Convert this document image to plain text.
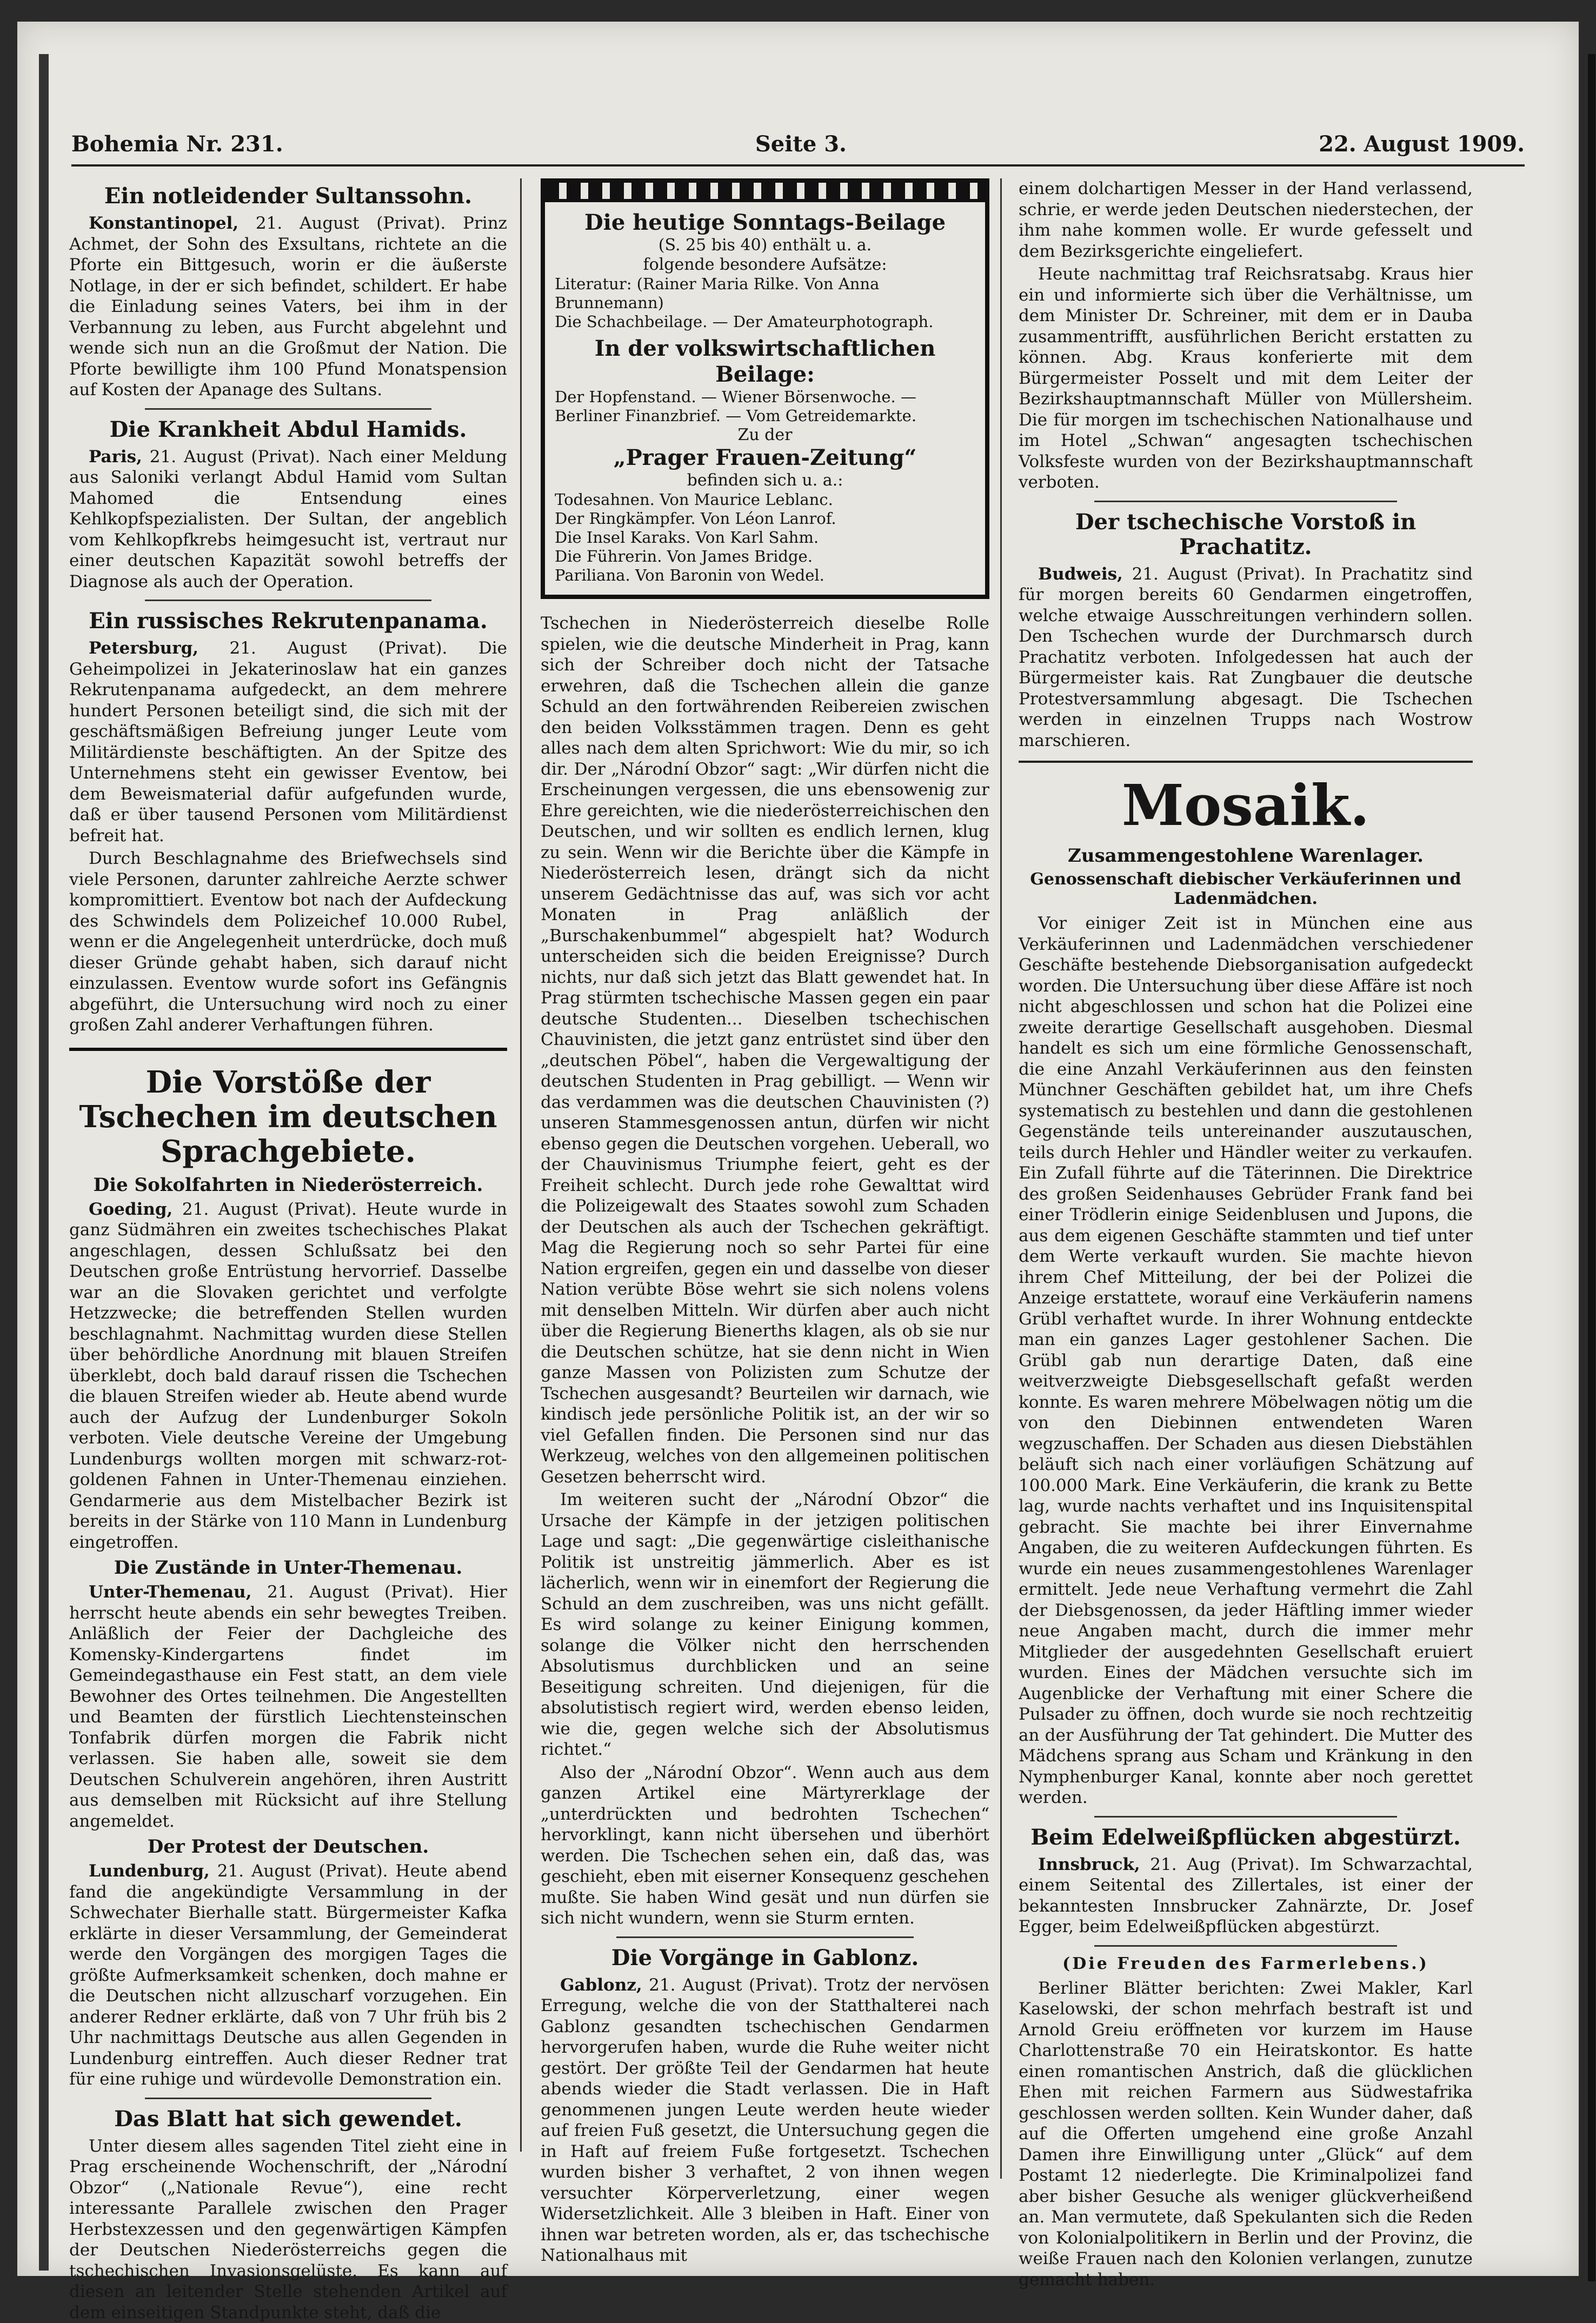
Bohemia Nr. 231.	Seite 3.	22. August 1909.
Ein notleidender Sultanssohn.

Konstantinopel, 21. August (Privat). Prinz Achmet, der Sohn des Exsultans, richtete an die Pforte ein Bittgesuch, worin er die äußerste Notlage, in der er sich befindet, schildert. Er habe die Einladung seines Vaters, bei ihm in der Verbannung zu leben, aus Furcht abgelehnt und wende sich nun an die Großmut der Nation. Die Pforte bewilligte ihm 100 Pfund Monatspension auf Kosten der Apanage des Sultans.

Die Krankheit Abdul Hamids.

Paris, 21. August (Privat). Nach einer Meldung aus Saloniki verlangt Abdul Hamid vom Sultan Mahomed die Entsendung eines Kehlkopfspezialisten. Der Sultan, der angeblich vom Kehlkopfkrebs heimgesucht ist, vertraut nur einer deutschen Kapazität sowohl betreffs der Diagnose als auch der Operation.

Ein russisches Rekrutenpanama.

Petersburg, 21. August (Privat). Die Geheimpolizei in Jekaterinoslaw hat ein ganzes Rekrutenpanama aufgedeckt, an dem mehrere hundert Personen beteiligt sind, die sich mit der geschäftsmäßigen Befreiung junger Leute vom Militärdienste beschäftigten. An der Spitze des Unternehmens steht ein gewisser Eventow, bei dem Beweismaterial dafür aufgefunden wurde, daß er über tausend Personen vom Militärdienst befreit hat.

Durch Beschlagnahme des Briefwechsels sind viele Personen, darunter zahlreiche Aerzte schwer kompromittiert. Eventow bot nach der Aufdeckung des Schwindels dem Polizeichef 10.000 Rubel, wenn er die Angelegenheit unterdrücke, doch muß dieser Gründe gehabt haben, sich darauf nicht einzulassen. Eventow wurde sofort ins Gefängnis abgeführt, die Untersuchung wird noch zu einer großen Zahl anderer Verhaftungen führen.

Die Vorstöße der Tschechen im deutschen Sprachgebiete.
Die Sokolfahrten in Niederösterreich.

Goeding, 21. August (Privat). Heute wurde in ganz Südmähren ein zweites tschechisches Plakat angeschlagen, dessen Schlußsatz bei den Deutschen große Entrüstung hervorrief. Dasselbe war an die Slovaken gerichtet und verfolgte Hetzzwecke; die betreffenden Stellen wurden beschlagnahmt. Nachmittag wurden diese Stellen über behördliche Anordnung mit blauen Streifen überklebt, doch bald darauf rissen die Tschechen die blauen Streifen wieder ab. Heute abend wurde auch der Aufzug der Lundenburger Sokoln verboten. Viele deutsche Vereine der Umgebung Lundenburgs wollten morgen mit schwarz-rot-goldenen Fahnen in Unter-Themenau einziehen. Gendarmerie aus dem Mistelbacher Bezirk ist bereits in der Stärke von 110 Mann in Lundenburg eingetroffen.

Die Zustände in Unter-Themenau.

Unter-Themenau, 21. August (Privat). Hier herrscht heute abends ein sehr bewegtes Treiben. Anläßlich der Feier der Dachgleiche des Komensky-Kindergartens findet im Gemeindegasthause ein Fest statt, an dem viele Bewohner des Ortes teilnehmen. Die Angestellten und Beamten der fürstlich Liechtensteinschen Tonfabrik dürfen morgen die Fabrik nicht verlassen. Sie haben alle, soweit sie dem Deutschen Schulverein angehören, ihren Austritt aus demselben mit Rücksicht auf ihre Stellung angemeldet.

Der Protest der Deutschen.

Lundenburg, 21. August (Privat). Heute abend fand die angekündigte Versammlung in der Schwechater Bierhalle statt. Bürgermeister Kafka erklärte in dieser Versammlung, der Gemeinderat werde den Vorgängen des morgigen Tages die größte Aufmerksamkeit schenken, doch mahne er die Deutschen nicht allzuscharf vorzugehen. Ein anderer Redner erklärte, daß von 7 Uhr früh bis 2 Uhr nachmittags Deutsche aus allen Gegenden in Lundenburg eintreffen. Auch dieser Redner trat für eine ruhige und würdevolle Demonstration ein.

Das Blatt hat sich gewendet.

Unter diesem alles sagenden Titel zieht eine in Prag erscheinende Wochenschrift, der „Národní Obzor“ („Nationale Revue“), eine recht interessante Parallele zwischen den Prager Herbstexzessen und den gegenwärtigen Kämpfen der Deutschen Niederösterreichs gegen die tschechischen Invasionsgelüste. Es kann auf diesen an leitender Stelle stehenden Artikel auf dem einseitigen Standpunkte steht, daß die

Die heutige Sonntags-Beilage
(S. 25 bis 40) enthält u. a.
folgende besondere Aufsätze:
Literatur: (Rainer Maria Rilke. Von Anna Brunnemann)
Die Schachbeilage. — Der Amateurphotograph.
In der volkswirtschaftlichen Beilage:
Der Hopfenstand. — Wiener Börsenwoche. — Berliner Finanzbrief. — Vom Getreidemarkte.
Zu der
„Prager Frauen-Zeitung“
befinden sich u. a.:
Todesahnen. Von Maurice Leblanc.
Der Ringkämpfer. Von Léon Lanrof.
Die Insel Karaks. Von Karl Sahm.
Die Führerin. Von James Bridge.
Pariliana. Von Baronin von Wedel.

Tschechen in Niederösterreich dieselbe Rolle spielen, wie die deutsche Minderheit in Prag, kann sich der Schreiber doch nicht der Tatsache erwehren, daß die Tschechen allein die ganze Schuld an den fortwährenden Reibereien zwischen den beiden Volksstämmen tragen. Denn es geht alles nach dem alten Sprichwort: Wie du mir, so ich dir. Der „Národní Obzor“ sagt: „Wir dürfen nicht die Erscheinungen vergessen, die uns ebensowenig zur Ehre gereichten, wie die niederösterreichischen den Deutschen, und wir sollten es endlich lernen, klug zu sein. Wenn wir die Berichte über die Kämpfe in Niederösterreich lesen, drängt sich da nicht unserem Gedächtnisse das auf, was sich vor acht Monaten in Prag anläßlich der „Burschakenbummel“ abgespielt hat? Wodurch unterscheiden sich die beiden Ereignisse? Durch nichts, nur daß sich jetzt das Blatt gewendet hat. In Prag stürmten tschechische Massen gegen ein paar deutsche Studenten... Dieselben tschechischen Chauvinisten, die jetzt ganz entrüstet sind über den „deutschen Pöbel“, haben die Vergewaltigung der deutschen Studenten in Prag gebilligt. — Wenn wir das verdammen was die deutschen Chauvinisten (?) unseren Stammesgenossen antun, dürfen wir nicht ebenso gegen die Deutschen vorgehen. Ueberall, wo der Chauvinismus Triumphe feiert, geht es der Freiheit schlecht. Durch jede rohe Gewalttat wird die Polizeigewalt des Staates sowohl zum Schaden der Deutschen als auch der Tschechen gekräftigt. Mag die Regierung noch so sehr Partei für eine Nation ergreifen, gegen ein und dasselbe von dieser Nation verübte Böse wehrt sie sich nolens volens mit denselben Mitteln. Wir dürfen aber auch nicht über die Regierung Bienerths klagen, als ob sie nur die Deutschen schütze, hat sie denn nicht in Wien ganze Massen von Polizisten zum Schutze der Tschechen ausgesandt? Beurteilen wir darnach, wie kindisch jede persönliche Politik ist, an der wir so viel Gefallen finden. Die Personen sind nur das Werkzeug, welches von den allgemeinen politischen Gesetzen beherrscht wird.

Im weiteren sucht der „Národní Obzor“ die Ursache der Kämpfe in der jetzigen politischen Lage und sagt: „Die gegenwärtige cisleithanische Politik ist unstreitig jämmerlich. Aber es ist lächerlich, wenn wir in einemfort der Regierung die Schuld an dem zuschreiben, was uns nicht gefällt. Es wird solange zu keiner Einigung kommen, solange die Völker nicht den herrschenden Absolutismus durchblicken und an seine Beseitigung schreiten. Und diejenigen, für die absolutistisch regiert wird, werden ebenso leiden, wie die, gegen welche sich der Absolutismus richtet.“

Also der „Národní Obzor“. Wenn auch aus dem ganzen Artikel eine Märtyrerklage der „unterdrückten und bedrohten Tschechen“ hervorklingt, kann nicht übersehen und überhört werden. Die Tschechen sehen ein, daß das, was geschieht, eben mit eiserner Konsequenz geschehen mußte. Sie haben Wind gesät und nun dürfen sie sich nicht wundern, wenn sie Sturm ernten.

Die Vorgänge in Gablonz.

Gablonz, 21. August (Privat). Trotz der nervösen Erregung, welche die von der Statthalterei nach Gablonz gesandten tschechischen Gendarmen hervorgerufen haben, wurde die Ruhe weiter nicht gestört. Der größte Teil der Gendarmen hat heute abends wieder die Stadt verlassen. Die in Haft genommenen jungen Leute werden heute wieder auf freien Fuß gesetzt, die Untersuchung gegen die in Haft auf freiem Fuße fortgesetzt. Tschechen wurden bisher 3 verhaftet, 2 von ihnen wegen versuchter Körperverletzung, einer wegen Widersetzlichkeit. Alle 3 bleiben in Haft. Einer von ihnen war betreten worden, als er, das tschechische Nationalhaus mit

einem dolchartigen Messer in der Hand verlassend, schrie, er werde jeden Deutschen niederstechen, der ihm nahe kommen wolle. Er wurde gefesselt und dem Bezirksgerichte eingeliefert.

Heute nachmittag traf Reichsratsabg. Kraus hier ein und informierte sich über die Verhältnisse, um dem Minister Dr. Schreiner, mit dem er in Dauba zusammentrifft, ausführlichen Bericht erstatten zu können. Abg. Kraus konferierte mit dem Bürgermeister Posselt und mit dem Leiter der Bezirkshauptmannschaft Müller von Müllersheim. Die für morgen im tschechischen Nationalhause und im Hotel „Schwan“ angesagten tschechischen Volksfeste wurden von der Bezirkshauptmannschaft verboten.

Der tschechische Vorstoß in Prachatitz.

Budweis, 21. August (Privat). In Prachatitz sind für morgen bereits 60 Gendarmen eingetroffen, welche etwaige Ausschreitungen verhindern sollen. Den Tschechen wurde der Durchmarsch durch Prachatitz verboten. Infolgedessen hat auch der Bürgermeister kais. Rat Zungbauer die deutsche Protestversammlung abgesagt. Die Tschechen werden in einzelnen Trupps nach Wostrow marschieren.

Mosaik.
Zusammengestohlene Warenlager.
Genossenschaft diebischer Verkäuferinnen und Ladenmädchen.

Vor einiger Zeit ist in München eine aus Verkäuferinnen und Ladenmädchen verschiedener Geschäfte bestehende Diebsorganisation aufgedeckt worden. Die Untersuchung über diese Affäre ist noch nicht abgeschlossen und schon hat die Polizei eine zweite derartige Gesellschaft ausgehoben. Diesmal handelt es sich um eine förmliche Genossenschaft, die eine Anzahl Verkäuferinnen aus den feinsten Münchner Geschäften gebildet hat, um ihre Chefs systematisch zu bestehlen und dann die gestohlenen Gegenstände teils untereinander auszutauschen, teils durch Hehler und Händler weiter zu verkaufen. Ein Zufall führte auf die Täterinnen. Die Direktrice des großen Seidenhauses Gebrüder Frank fand bei einer Trödlerin einige Seidenblusen und Jupons, die aus dem eigenen Geschäfte stammten und tief unter dem Werte verkauft wurden. Sie machte hievon ihrem Chef Mitteilung, der bei der Polizei die Anzeige erstattete, worauf eine Verkäuferin namens Grübl verhaftet wurde. In ihrer Wohnung entdeckte man ein ganzes Lager gestohlener Sachen. Die Grübl gab nun derartige Daten, daß eine weitverzweigte Diebsgesellschaft gefaßt werden konnte. Es waren mehrere Möbelwagen nötig um die von den Diebinnen entwendeten Waren wegzuschaffen. Der Schaden aus diesen Diebstählen beläuft sich nach einer vorläufigen Schätzung auf 100.000 Mark. Eine Verkäuferin, die krank zu Bette lag, wurde nachts verhaftet und ins Inquisitenspital gebracht. Sie machte bei ihrer Einvernahme Angaben, die zu weiteren Aufdeckungen führten. Es wurde ein neues zusammengestohlenes Warenlager ermittelt. Jede neue Verhaftung vermehrt die Zahl der Diebsgenossen, da jeder Häftling immer wieder neue Angaben macht, durch die immer mehr Mitglieder der ausgedehnten Gesellschaft eruiert wurden. Eines der Mädchen versuchte sich im Augenblicke der Verhaftung mit einer Schere die Pulsader zu öffnen, doch wurde sie noch rechtzeitig an der Ausführung der Tat gehindert. Die Mutter des Mädchens sprang aus Scham und Kränkung in den Nymphenburger Kanal, konnte aber noch gerettet werden.

Beim Edelweißpflücken abgestürzt.

Innsbruck, 21. Aug (Privat). Im Schwarzachtal, einem Seitental des Zillertales, ist einer der bekanntesten Innsbrucker Zahnärzte, Dr. Josef Egger, beim Edelweißpflücken abgestürzt.

(Die Freuden des Farmerlebens.)

Berliner Blätter berichten: Zwei Makler, Karl Kaselowski, der schon mehrfach bestraft ist und Arnold Greiu eröffneten vor kurzem im Hause Charlottenstraße 70 ein Heiratskontor. Es hatte einen romantischen Anstrich, daß die glücklichen Ehen mit reichen Farmern aus Südwestafrika geschlossen werden sollten. Kein Wunder daher, daß auf die Offerten umgehend eine große Anzahl Damen ihre Einwilligung unter „Glück“ auf dem Postamt 12 niederlegte. Die Kriminalpolizei fand aber bisher Gesuche als weniger glückverheißend an. Man vermutete, daß Spekulanten sich die Reden von Kolonialpolitikern in Berlin und der Provinz, die weiße Frauen nach den Kolonien verlangen, zunutze gemacht haben.
